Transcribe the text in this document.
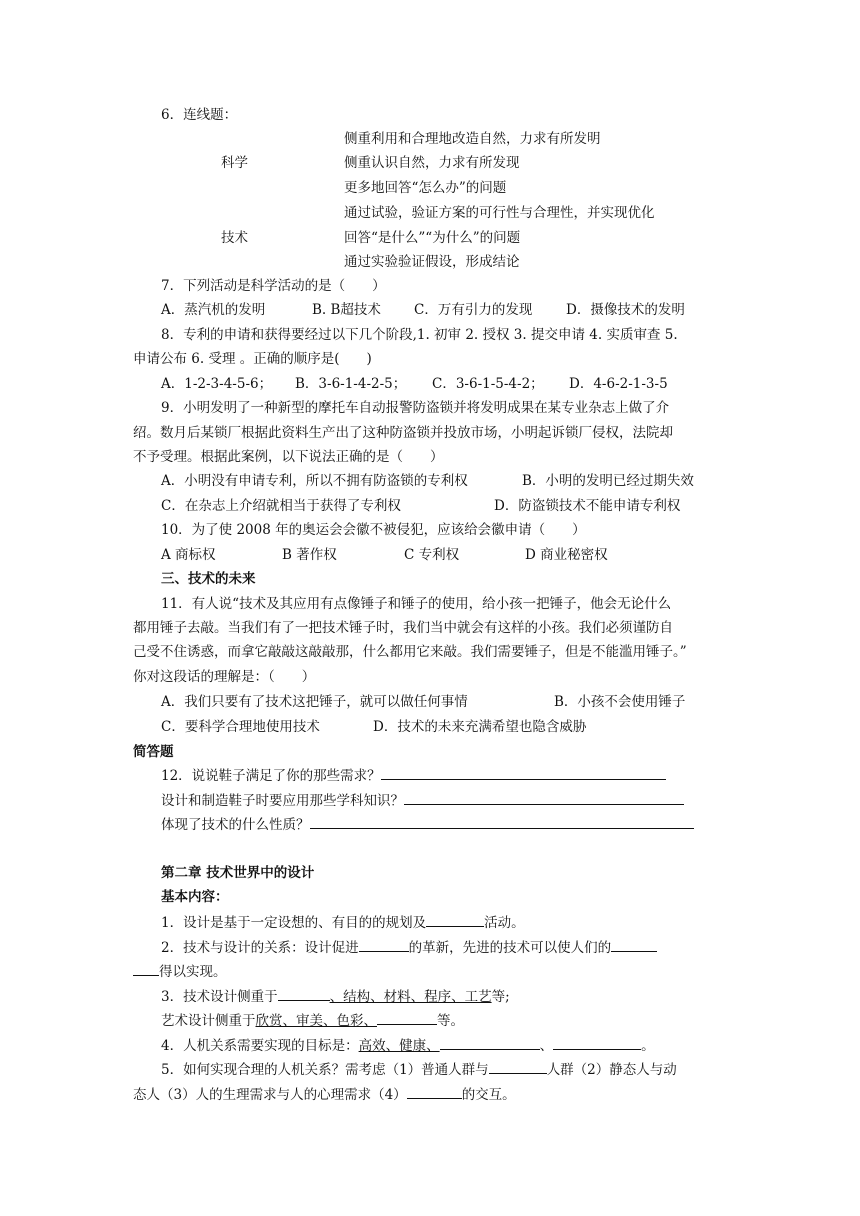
6．连线题：
侧重利用和合理地改造自然，力求有所发明
科学	侧重认识自然，力求有所发现
更多地回答“怎么办”的问题
通过试验，验证方案的可行性与合理性，并实现优化
技术	回答“是什么”“为什么”的问题
通过实验验证假设，形成结论
7．下列活动是科学活动的是（　　）
A．蒸汽机的发明	B. B超技术 C．万有引力的发现 D．摄像技术的发明
8．专利的申请和获得要经过以下几个阶段,1. 初审 2. 授权 3. 提交申请 4. 实质审查 5.
申请公布 6. 受理 。正确的顺序是(　　)
A．1-2-3-4-5-6； B．3-6-1-4-2-5； C．3-6-1-5-4-2； D．4-6-2-1-3-5
9．小明发明了一种新型的摩托车自动报警防盗锁并将发明成果在某专业杂志上做了介
绍。数月后某锁厂根据此资料生产出了这种防盗锁并投放市场，小明起诉锁厂侵权，法院却
不予受理。根据此案例，以下说法正确的是（　　）
A．小明没有申请专利，所以不拥有防盗锁的专利权	B．小明的发明已经过期失效
C．在杂志上介绍就相当于获得了专利权	D．防盗锁技术不能申请专利权
10．为了使 2008 年的奥运会会徽不被侵犯，应该给会徽申请（　　）
A 商标权	B 著作权	C 专利权	D 商业秘密权
三、技术的未来
11．有人说“技术及其应用有点像锤子和锤子的使用，给小孩一把锤子，他会无论什么
都用锤子去敲。当我们有了一把技术锤子时，我们当中就会有这样的小孩。我们必须谨防自
己受不住诱惑，而拿它敲敲这敲敲那，什么都用它来敲。我们需要锤子，但是不能滥用锤子。”
你对这段话的理解是：（　　）
A．我们只要有了技术这把锤子，就可以做任何事情	B．小孩不会使用锤子
C．要科学合理地使用技术	D．技术的未来充满希望也隐含威胁
简答题
12．说说鞋子满足了你的那些需求？
设计和制造鞋子时要应用那些学科知识？
体现了技术的什么性质？
第二章 技术世界中的设计
基本内容：
1．设计是基于一定设想的、有目的的规划及	活动。
2．技术与设计的关系：设计促进	的革新，先进的技术可以使人们的
得以实现。
3．技术设计侧重于	、结构、材料、程序、工艺等;
艺术设计侧重于欣赏、审美、色彩、	等。
4．人机关系需要实现的目标是：高效、健康、	、	。
5．如何实现合理的人机关系？需考虑（1）普通人群与	人群（2）静态人与动
态人（3）人的生理需求与人的心理需求（4）	的交互。
